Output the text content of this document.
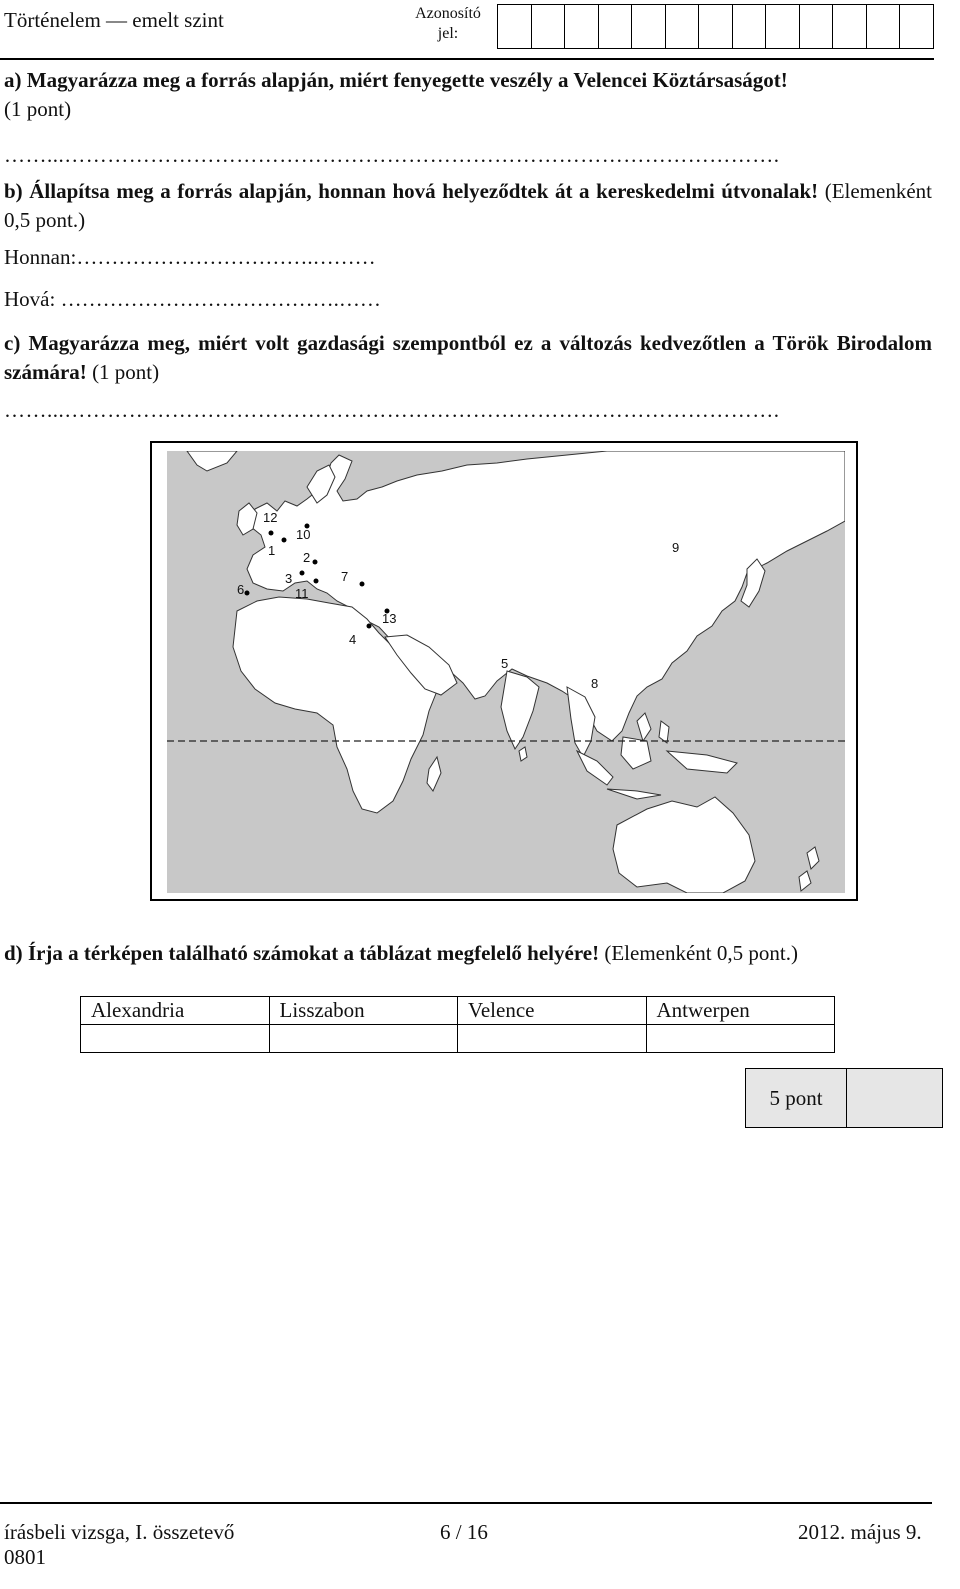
Történelem — emelt szint	Azonosító jel:
a) Magyarázza meg a forrás alapján, miért fenyegette veszély a Velencei Köztársaságot!
(1 pont)
……...……………………………………………………………………………………….
b) Állapítsa meg a forrás alapján, honnan hová helyeződtek át a kereskedelmi útvonalak! (Elemenként 0,5 pont.)
Honnan:…………………………….………
Hová: ………………………………….……
c) Magyarázza meg, miért volt gazdasági szempontból ez a változás kedvezőtlen a Török Birodalom számára! (1 pont)
……...……………………………………………………………………………………….
12
1
10
2
3
11
6
7
13
4
5
8
9
d) Írja a térképen található számokat a táblázat megfelelő helyére! (Elemenként 0,5 pont.)
Alexandria	Lisszabon	Velence	Antwerpen

5 pont
írásbeli vizsga, I. összetevő
0801
6 / 16	2012. május 9.
